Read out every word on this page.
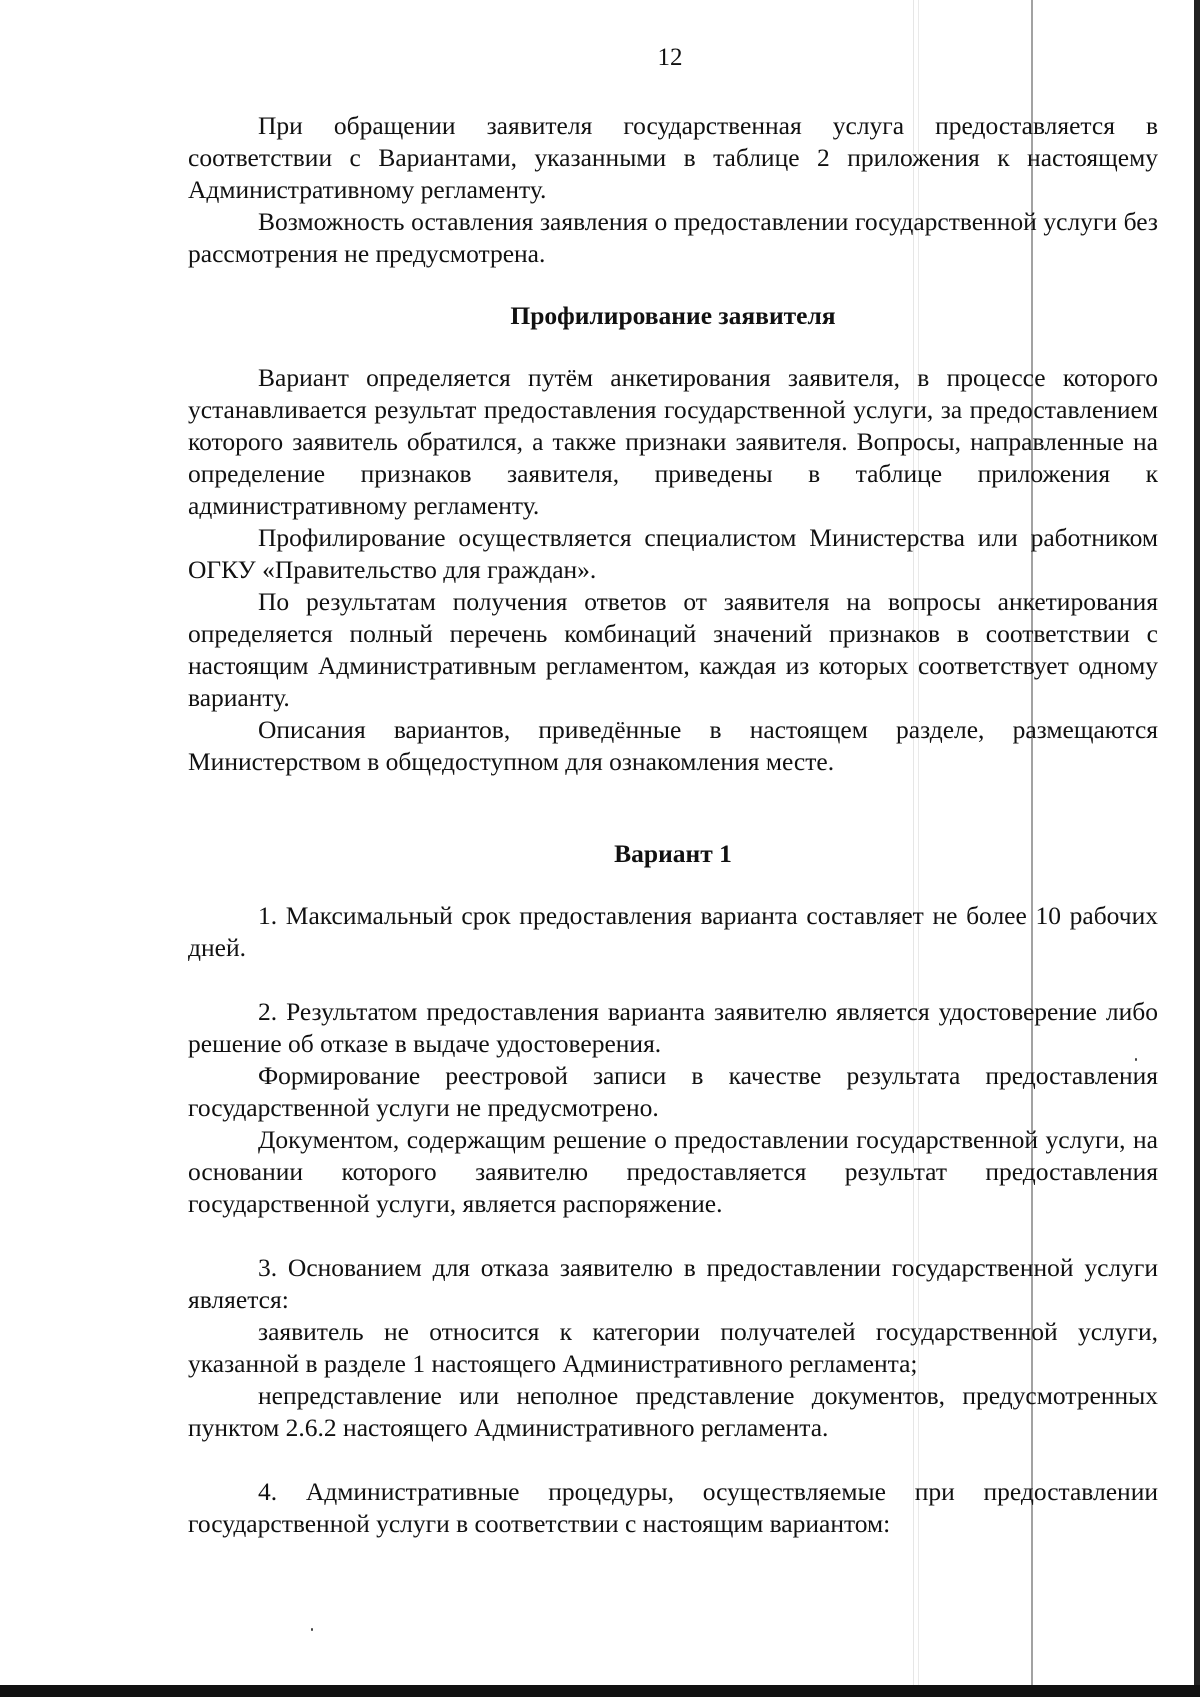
12

При обращении заявителя государственная услуга предоставляется в соответствии с Вариантами, указанными в таблице 2 приложения к настоящему Административному регламенту.

Возможность оставления заявления о предоставлении государственной услуги без рассмотрения не предусмотрена.

Профилирование заявителя

Вариант определяется путём анкетирования заявителя, в процессе которого устанавливается результат предоставления государственной услуги, за предоставлением которого заявитель обратился, а также признаки заявителя. Вопросы, направленные на определение признаков заявителя, приведены в таблице приложения к административному регламенту.

Профилирование осуществляется специалистом Министерства или работником ОГКУ «Правительство для граждан».

По результатам получения ответов от заявителя на вопросы анкетирования определяется полный перечень комбинаций значений признаков в соответствии с настоящим Административным регламентом, каждая из которых соответствует одному варианту.

Описания вариантов, приведённые в настоящем разделе, размещаются Министерством в общедоступном для ознакомления месте.

Вариант 1

1. Максимальный срок предоставления варианта составляет не более 10 рабочих дней.

2. Результатом предоставления варианта заявителю является удостоверение либо решение об отказе в выдаче удостоверения.

Формирование реестровой записи в качестве результата предоставления государственной услуги не предусмотрено.

Документом, содержащим решение о предоставлении государственной услуги, на основании которого заявителю предоставляется результат предоставления государственной услуги, является распоряжение.

3. Основанием для отказа заявителю в предоставлении государственной услуги является:

заявитель не относится к категории получателей государственной услуги, указанной в разделе 1 настоящего Административного регламента;

непредставление или неполное представление документов, предусмотренных пунктом 2.6.2 настоящего Административного регламента.

4. Административные процедуры, осуществляемые при предоставлении государственной услуги в соответствии с настоящим вариантом:
